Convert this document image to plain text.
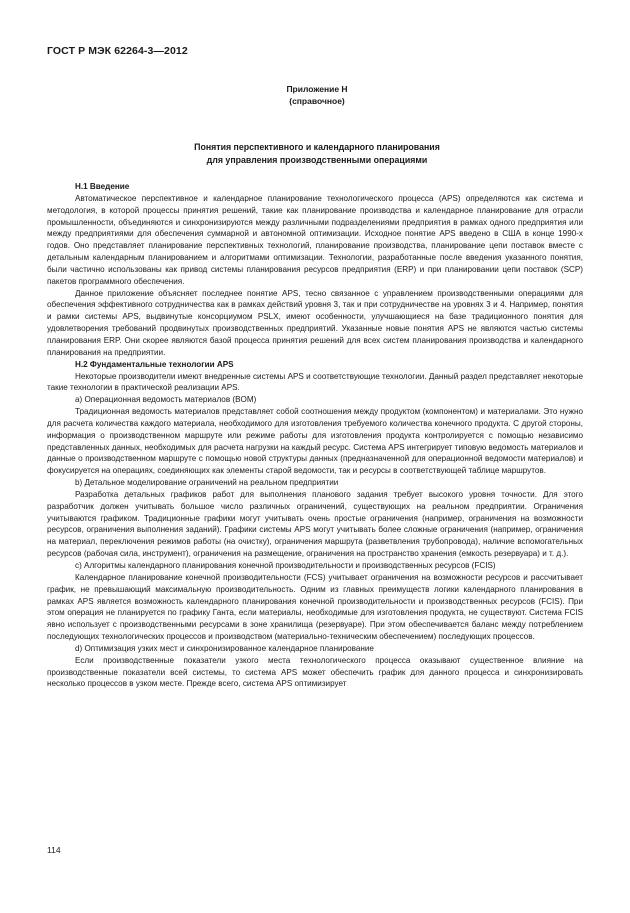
ГОСТ Р МЭК 62264-3—2012
Приложение Н
(справочное)
Понятия перспективного и календарного планирования
для управления производственными операциями
Н.1 Введение

Автоматическое перспективное и календарное планирование технологического процесса (APS) определяются как система и методология, в которой процессы принятия решений, такие как планирование производства и календарное планирование для отрасли промышленности, объединяются и синхронизируются между различными подразделениями предприятия в рамках одного предприятия или между предприятиями для обеспечения суммарной и автономной оптимизации. Исходное понятие APS введено в США в конце 1990-х годов. Оно представляет планирование перспективных технологий, планирование производства, планирование цепи поставок вместе с детальным календарным планированием и алгоритмами оптимизации. Технологии, разработанные после введения указанного понятия, были частично использованы как привод системы планирования ресурсов предприятия (ERP) и при планировании цепи поставок (SCP) пакетов программного обеспечения.

Данное приложение объясняет последнее понятие APS, тесно связанное с управлением производственными операциями для обеспечения эффективного сотрудничества как в рамках действий уровня 3, так и при сотрудничестве на уровнях 3 и 4. Например, понятия и рамки системы APS, выдвинутые консорциумом PSLX, имеют особенности, улучшающиеся на базе традиционного понятия для удовлетворения требований продвинутых производственных предприятий. Указанные новые понятия APS не являются частью системы планирования ERP. Они скорее являются базой процесса принятия решений для всех систем планирования производства и календарного планирования на предприятии.

Н.2 Фундаментальные технологии APS

Некоторые производители имеют внедренные системы APS и соответствующие технологии. Данный раздел представляет некоторые такие технологии в практической реализации APS.

a) Операционная ведомость материалов (BOM)

Традиционная ведомость материалов представляет собой соотношения между продуктом (компонентом) и материалами. Это нужно для расчета количества каждого материала, необходимого для изготовления требуемого количества конечного продукта. С другой стороны, информация о производственном маршруте или режиме работы для изготовления продукта контролируется с помощью независимо представленных данных, необходимых для расчета нагрузки на каждый ресурс. Система APS интегрирует типовую ведомость материалов и данные о производственном маршруте с помощью новой структуры данных (предназначенной для операционной ведомости материалов) и фокусируется на операциях, соединяющих как элементы старой ведомости, так и ресурсы в соответствующей таблице маршрутов.

b) Детальное моделирование ограничений на реальном предприятии

Разработка детальных графиков работ для выполнения планового задания требует высокого уровня точности. Для этого разработчик должен учитывать большое число различных ограничений, существующих на реальном предприятии. Ограничения учитываются графиком. Традиционные графики могут учитывать очень простые ограничения (например, ограничения на возможности ресурсов, ограничения выполнения заданий). Графики системы APS могут учитывать более сложные ограничения (например, ограничения на материал, переключения режимов работы (на очистку), ограничения маршрута (разветвления трубопровода), наличие вспомогательных ресурсов (рабочая сила, инструмент), ограничения на размещение, ограничения на пространство хранения (емкость резервуара) и т. д.).

c) Алгоритмы календарного планирования конечной производительности и производственных ресурсов (FCIS)

Календарное планирование конечной производительности (FCS) учитывает ограничения на возможности ресурсов и рассчитывает график, не превышающий максимальную производительность. Одним из главных преимуществ логики календарного планирования в рамках APS является возможность календарного планирования конечной производительности и производственных ресурсов (FCIS). При этом операция не планируется по графику Ганта, если материалы, необходимые для изготовления продукта, не существуют. Система FCIS явно использует с производственными ресурсами в зоне хранилища (резервуаре). При этом обеспечивается баланс между потреблением последующих технологических процессов и производством (материально-техническим обеспечением) последующих процессов.

d) Оптимизация узких мест и синхронизированное календарное планирование

Если производственные показатели узкого места технологического процесса оказывают существенное влияние на производственные показатели всей системы, то система APS может обеспечить график для данного процесса и синхронизировать несколько процессов в узком месте. Прежде всего, система APS оптимизирует

114
